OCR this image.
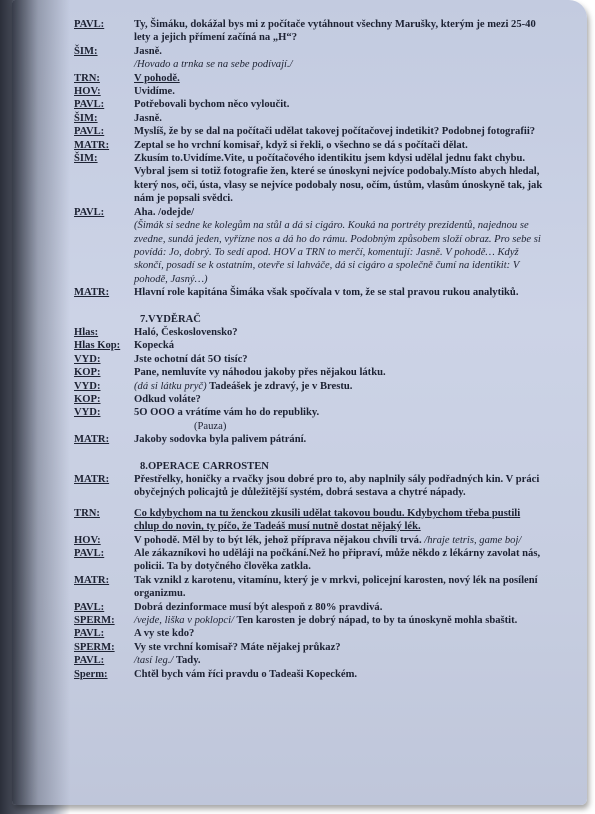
PAVL:	Ty, Šimáku, dokážal bys mi z počítače vytáhnout všechny Marušky, kterým je mezi 25-40 lety a jejich přímení začíná na „H“?
ŠIM:	Jasně.
/Hovado a trnka se na sebe podívají./
TRN:	V pohodě.
HOV:	Uvidíme.
PAVL:	Potřebovali bychom něco vyloučit.
ŠIM:	Jasně.
PAVL:	Myslíš, že by se dal na počítači udělat takovej počítačovej indetikit? Podobnej fotografii?
MATR:	Zeptal se ho vrchní komisař, když si řekli, o všechno se dá s počítači dělat.
ŠIM:	Zkusím to.Uvidíme.Vite, u počítačového identikitu jsem kdysi udělal jednu fakt chybu. Vybral jsem si totiž fotografie žen, které se únoskyni nejvíce podobaly.Místo abych hledal, který nos, oči, ústa, vlasy se nejvíce podobaly nosu, očím, ústům, vlasům únoskyně tak, jak nám je popsali svědci.
PAVL:	Aha. /odejde/
(Šimák si sedne ke kolegům na stůl a dá si cigáro. Kouká na portréty prezidentů, najednou se zvedne, sundá jeden, vyřízne nos a dá ho do rámu. Podobným způsobem složí obraz. Pro sebe si povídá: Jo, dobrý. To sedí apod. HOV a TRN to merčí, komentují: Jasně. V pohodě… Když skončí, posadí se k ostatním, otevře si lahváče, dá si cigáro a společně čumí na identikit: V pohodě, Jasný…)
MATR:	Hlavní role kapitána Šimáka však spočívala v tom, že se stal pravou rukou analytiků.
7.VYDĚRAČ
Hlas:	Haló, Československo?
Hlas Kop:	Kopecká
VYD:	Jste ochotní dát 5O tisíc?
KOP:	Pane, nemluvíte vy náhodou jakoby přes nějakou látku.
VYD:	(dá si látku pryč) Tadeášek je zdravý, je v Brestu.
KOP:	Odkud voláte?
VYD:	5O OOO a vrátíme vám ho do republiky.
(Pauza)
MATR:	Jakoby sodovka byla palivem pátrání.
8.OPERACE CARROSTEN
MATR:	Přestřelky, honičky a rvačky jsou dobré pro to, aby naplnily sály podřadných kin. V práci obyčejných policajtů je důležitější systém, dobrá sestava a chytré nápady.
TRN:	Co kdybychom na tu ženckou zkusili udělat takovou boudu. Kdybychom třeba pustili chlup do novin, ty píčo, že Tadeáš musí nutně dostat nějaký lék.
HOV:	V pohodě. Měl by to být lék, jehož příprava nějakou chvíli trvá. /hraje tetris, game boj/
PAVL:	Ale zákazníkovi ho uděláji na počkání.Než ho připraví, může někdo z lékárny zavolat nás, policii. Ta by dotyčného člověka zatkla.
MATR:	Tak vznikl z karotenu, vitamínu, který je v mrkvi, policejní karosten, nový lék na posílení organizmu.
PAVL:	Dobrá dezinformace musí být alespoň z 80% pravdivá.
SPERM:	/vejde, liška v poklopci/ Ten karosten je dobrý nápad, to by ta únoskyně mohla sbaštit.
PAVL:	A vy ste kdo?
SPERM:	Vy ste vrchní komisař? Máte nějakej průkaz?
PAVL:	/tasí leg./ Tady.
Sperm:	Chtěl bych vám říci pravdu o Tadeaši Kopeckém.
